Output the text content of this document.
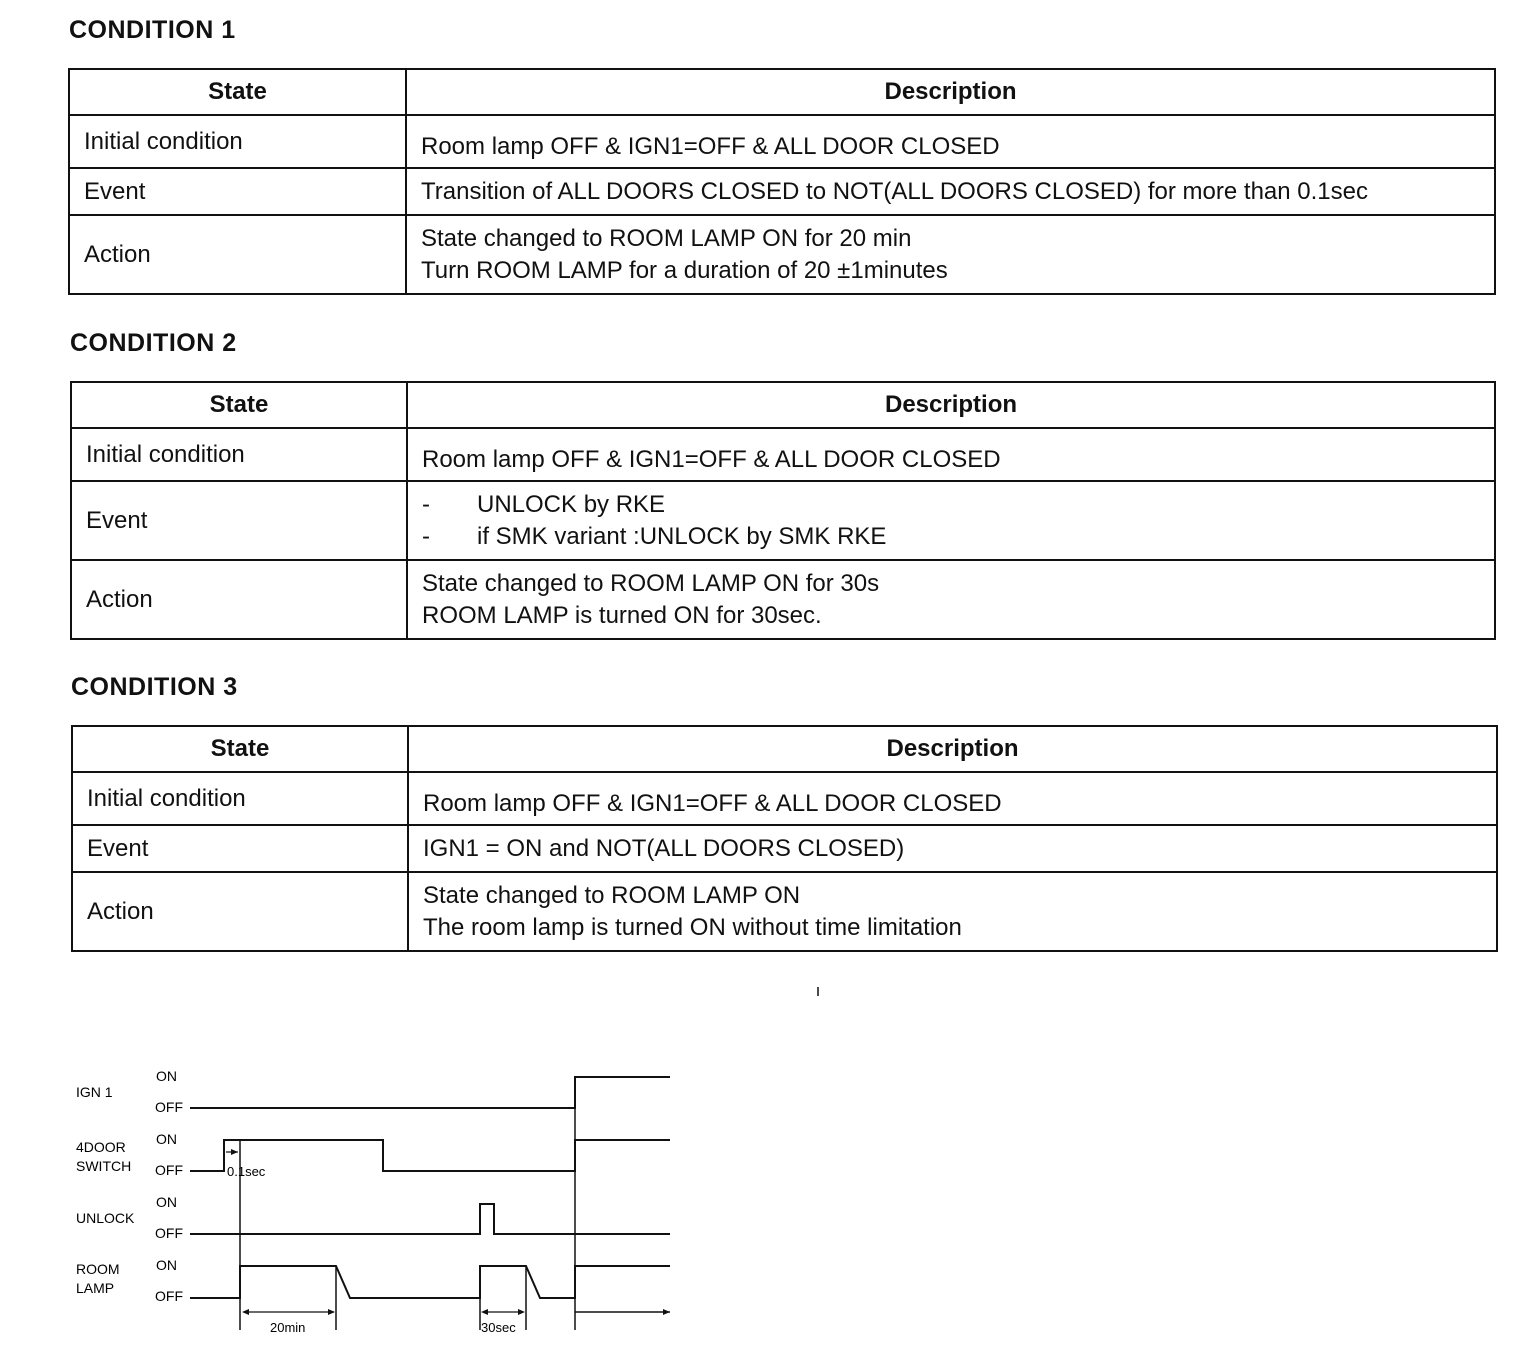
CONDITION 1
State	Description
Initial condition	Room lamp OFF & IGN1=OFF & ALL DOOR CLOSED
Event	Transition of ALL DOORS CLOSED to NOT(ALL DOORS CLOSED) for more than 0.1sec
Action	State changed to ROOM LAMP ON for 20 min
Turn ROOM LAMP for a duration of 20 ±1minutes
CONDITION 2
State	Description
Initial condition	Room lamp OFF & IGN1=OFF & ALL DOOR CLOSED
Event	- UNLOCK by RKE
- if SMK variant :UNLOCK by SMK RKE

Action	State changed to ROOM LAMP ON for 30s
ROOM LAMP is turned ON for 30sec.
CONDITION 3
State	Description
Initial condition	Room lamp OFF & IGN1=OFF & ALL DOOR CLOSED
Event	IGN1 = ON and NOT(ALL DOORS CLOSED)
Action	State changed to ROOM LAMP ON
The room lamp is turned ON without time limitation
IGN 1
4DOOR
SWITCH
UNLOCK
ROOM
LAMP
ON
OFF
ON
OFF
ON
OFF
ON
OFF
0.1sec
20min	30sec
